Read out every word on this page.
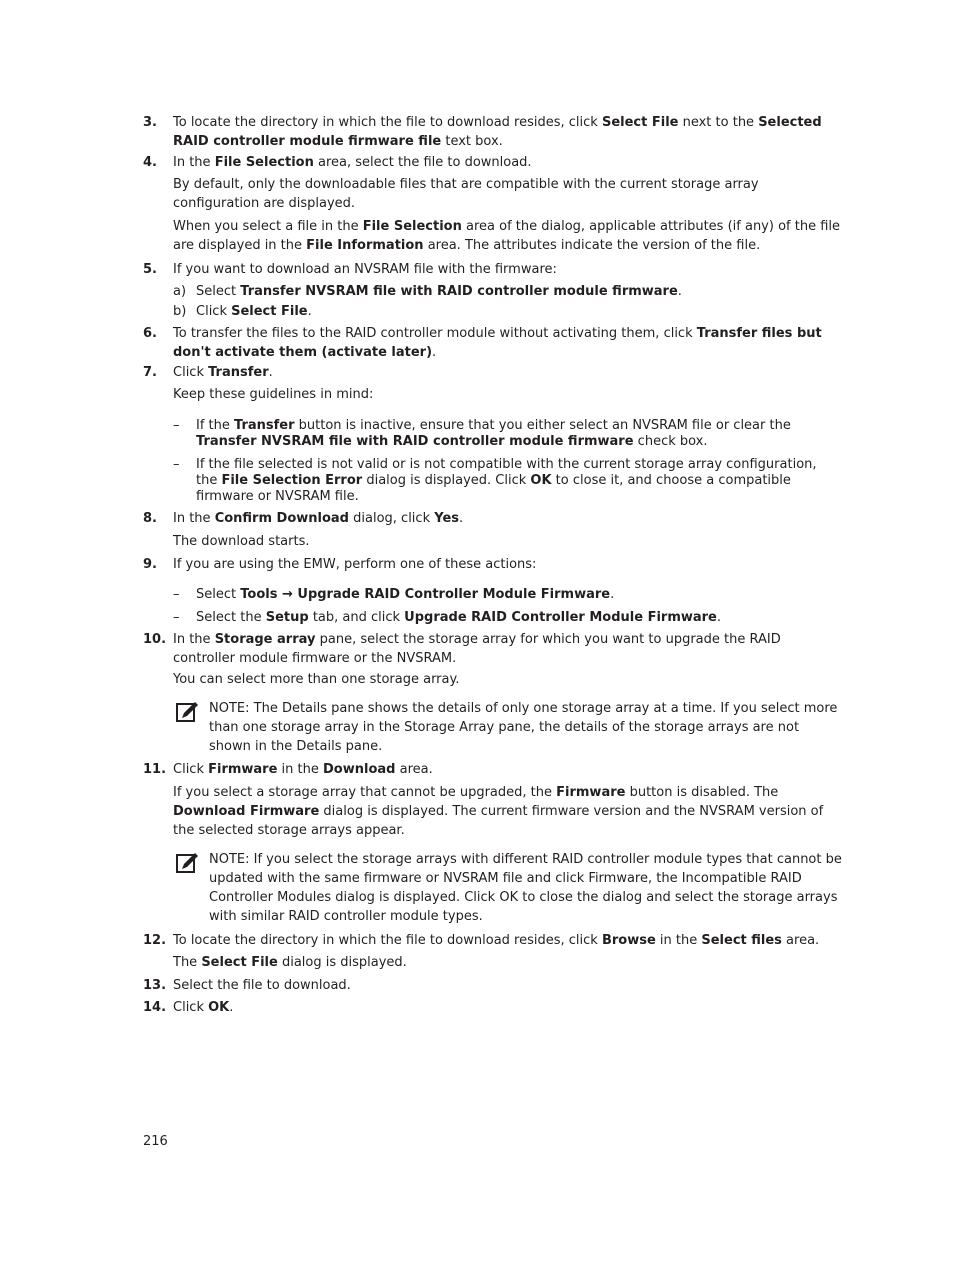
3. To locate the directory in which the file to download resides, click Select File next to the Selected RAID controller module firmware file text box.
4. In the File Selection area, select the file to download.
By default, only the downloadable files that are compatible with the current storage array configuration are displayed.
When you select a file in the File Selection area of the dialog, applicable attributes (if any) of the file are displayed in the File Information area. The attributes indicate the version of the file.
5. If you want to download an NVSRAM file with the firmware:
a) Select Transfer NVSRAM file with RAID controller module firmware.
b) Click Select File.
6. To transfer the files to the RAID controller module without activating them, click Transfer files but don't activate them (activate later).
7. Click Transfer.
Keep these guidelines in mind:
– If the Transfer button is inactive, ensure that you either select an NVSRAM file or clear the Transfer NVSRAM file with RAID controller module firmware check box.
– If the file selected is not valid or is not compatible with the current storage array configuration, the File Selection Error dialog is displayed. Click OK to close it, and choose a compatible firmware or NVSRAM file.
8. In the Confirm Download dialog, click Yes.
The download starts.
9. If you are using the EMW, perform one of these actions:
– Select Tools → Upgrade RAID Controller Module Firmware.
– Select the Setup tab, and click Upgrade RAID Controller Module Firmware.
10. In the Storage array pane, select the storage array for which you want to upgrade the RAID controller module firmware or the NVSRAM.
You can select more than one storage array.
NOTE: The Details pane shows the details of only one storage array at a time. If you select more than one storage array in the Storage Array pane, the details of the storage arrays are not shown in the Details pane.
11. Click Firmware in the Download area.
If you select a storage array that cannot be upgraded, the Firmware button is disabled. The Download Firmware dialog is displayed. The current firmware version and the NVSRAM version of the selected storage arrays appear.
NOTE: If you select the storage arrays with different RAID controller module types that cannot be updated with the same firmware or NVSRAM file and click Firmware, the Incompatible RAID Controller Modules dialog is displayed. Click OK to close the dialog and select the storage arrays with similar RAID controller module types.
12. To locate the directory in which the file to download resides, click Browse in the Select files area.
The Select File dialog is displayed.
13. Select the file to download.
14. Click OK.
216
